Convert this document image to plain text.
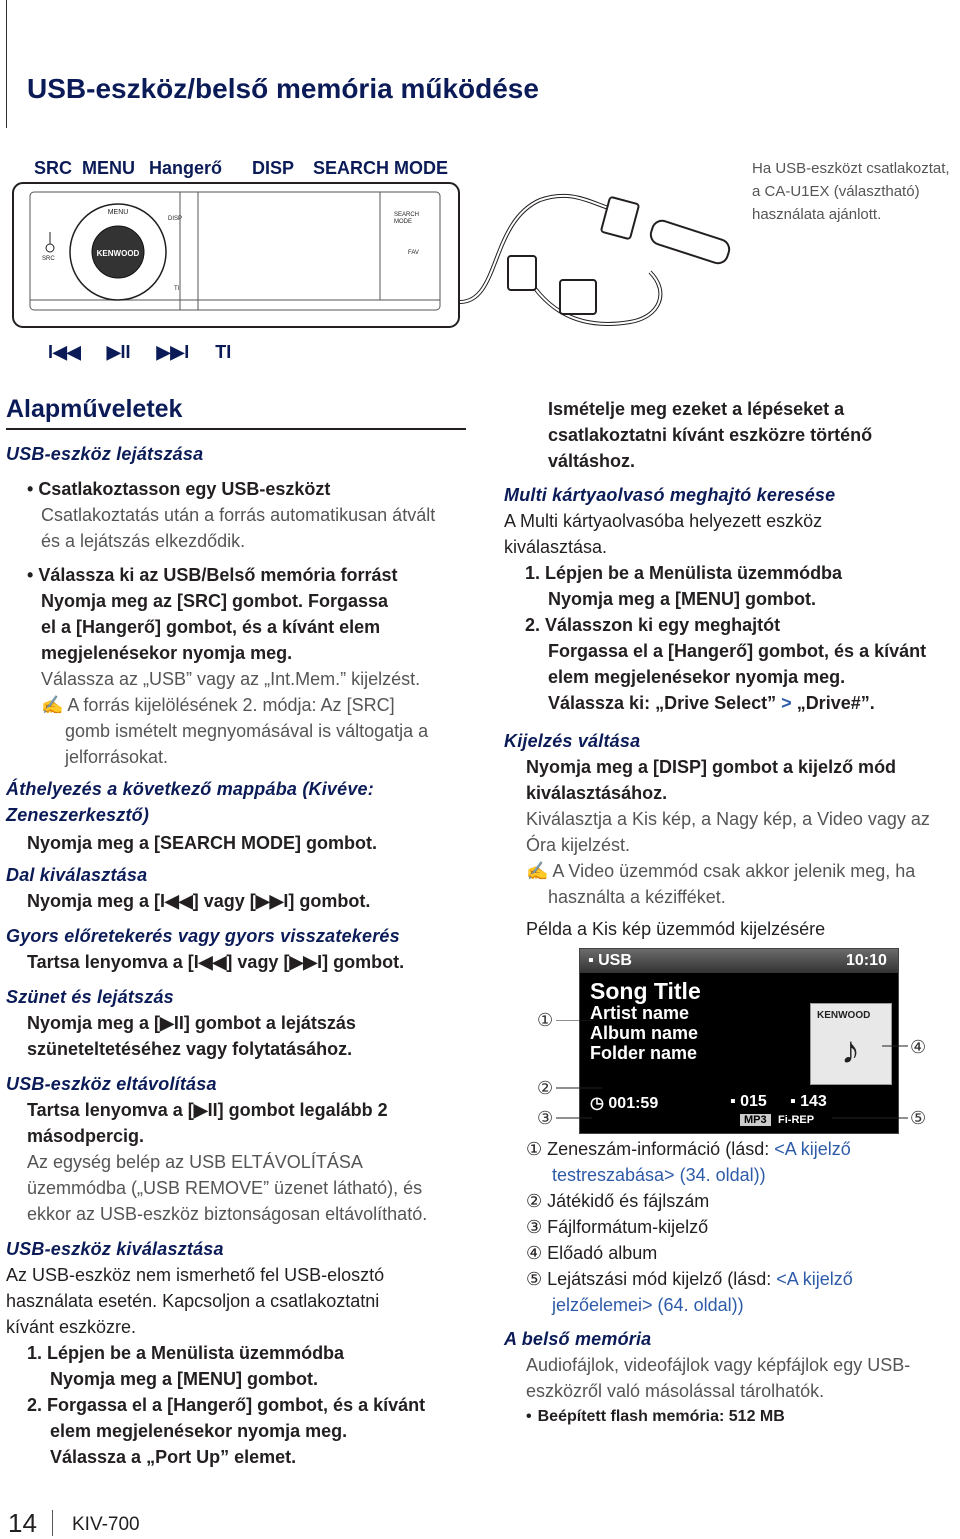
USB-eszköz/belső memória működése
SRC MENU Hangerő DISP SEARCH MODE	Ha USB-eszközt csatlakoztat,
a CA-U1EX (választható)
használata ajánlott.
KENWOOD
MENU
DISP
SEARCH
MODE
FAV
SRC
TI
I◀◀ ▶II ▶▶I TI
Alapműveletek
USB-eszköz lejátszása
• Csatlakoztasson egy USB-eszközt
Csatlakoztatás után a forrás automatikusan átvált
és a lejátszás elkezdődik.
• Válassza ki az USB/Belső memória forrást
Nyomja meg az [SRC] gombot. Forgassa
el a [Hangerő] gombot, és a kívánt elem
megjelenésekor nyomja meg.
Válassza az „USB” vagy az „Int.Mem.” kijelzést.
✍ A forrás kijelölésének 2. módja: Az [SRC]
gomb ismételt megnyomásával is váltogatja a
jelforrásokat.
Áthelyezés a következő mappába (Kivéve:
Zeneszerkesztő)
Nyomja meg a [SEARCH MODE] gombot.
Dal kiválasztása
Nyomja meg a [I◀◀] vagy [▶▶I] gombot.
Gyors előretekerés vagy gyors visszatekerés
Tartsa lenyomva a [I◀◀] vagy [▶▶I] gombot.
Szünet és lejátszás
Nyomja meg a [▶II] gombot a lejátszás
szüneteltetéséhez vagy folytatásához.
USB-eszköz eltávolítása
Tartsa lenyomva a [▶II] gombot legalább 2
másodpercig.
Az egység belép az USB ELTÁVOLÍTÁSA
üzemmódba („USB REMOVE” üzenet látható), és
ekkor az USB-eszköz biztonságosan eltávolítható.
USB-eszköz kiválasztása
Az USB-eszköz nem ismerhető fel USB-elosztó
használata esetén. Kapcsoljon a csatlakoztatni
kívánt eszközre.
1. Lépjen be a Menülista üzemmódba
Nyomja meg a [MENU] gombot.
2. Forgassa el a [Hangerő] gombot, és a kívánt
elem megjelenésekor nyomja meg.
Válassza a „Port Up” elemet.
Ismételje meg ezeket a lépéseket a
csatlakoztatni kívánt eszközre történő
váltáshoz.
Multi kártyaolvasó meghajtó keresése
A Multi kártyaolvasóba helyezett eszköz
kiválasztása.
1. Lépjen be a Menülista üzemmódba
Nyomja meg a [MENU] gombot.
2. Válasszon ki egy meghajtót
Forgassa el a [Hangerő] gombot, és a kívánt
elem megjelenésekor nyomja meg.
Válassza ki: „Drive Select” > „Drive#”.
Kijelzés váltása
Nyomja meg a [DISP] gombot a kijelző mód
kiválasztásához.
Kiválasztja a Kis kép, a Nagy kép, a Video vagy az
Óra kijelzést.
✍ A Video üzemmód csak akkor jelenik meg, ha
használta a kézifféket.
Példa a Kis kép üzemmód kijelzésére
▪ USB	10:10
Song Title
Artist name
Album name
Folder name
KENWOOD
♪
◷ 001:59	▪ 015 ▪ 143
MP3	Fi-REP
①
②
③
④
⑤
① Zeneszám-információ (lásd: <A kijelző
testreszabása> (34. oldal))
② Játékidő és fájlszám
③ Fájlformátum-kijelző
④ Előadó album
⑤ Lejátszási mód kijelző (lásd: <A kijelző
jelzőelemei> (64. oldal))
A belső memória
Audiofájlok, videofájlok vagy képfájlok egy USB-
eszközről való másolással tárolhatók.
• Beépített flash memória: 512 MB
14 KIV-700
